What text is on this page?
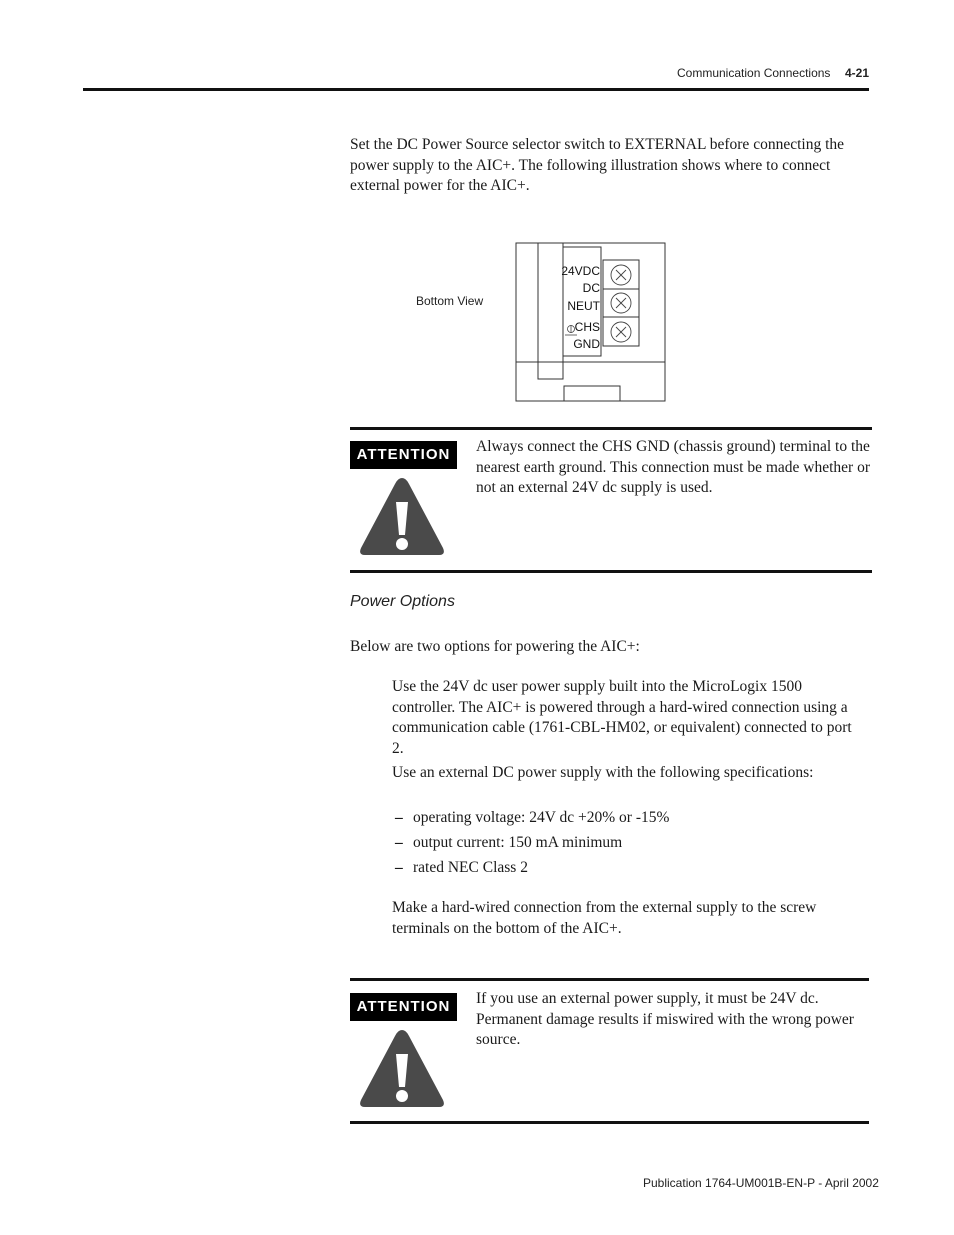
Communication Connections 4-21

Set the DC Power Source selector switch to EXTERNAL before connecting the power supply to the AIC+. The following illustration shows where to connect external power for the AIC+.

Bottom View
24VDC
DC
NEUT
CHS
GND
ATTENTION	Always connect the CHS GND (chassis ground) terminal to the nearest earth ground. This connection must be made whether or not an external 24V dc supply is used.

Power Options

Below are two options for powering the AIC+:

Use the 24V dc user power supply built into the MicroLogix 1500 controller. The AIC+ is powered through a hard-wired connection using a communication cable (1761-CBL-HM02, or equivalent) connected to port 2.

Use an external DC power supply with the following specifications:

– operating voltage: 24V dc +20% or -15%
– output current: 150 mA minimum
– rated NEC Class 2

Make a hard-wired connection from the external supply to the screw terminals on the bottom of the AIC+.

ATTENTION	If you use an external power supply, it must be 24V dc. Permanent damage results if miswired with the wrong power source.

Publication 1764-UM001B-EN-P - April 2002
